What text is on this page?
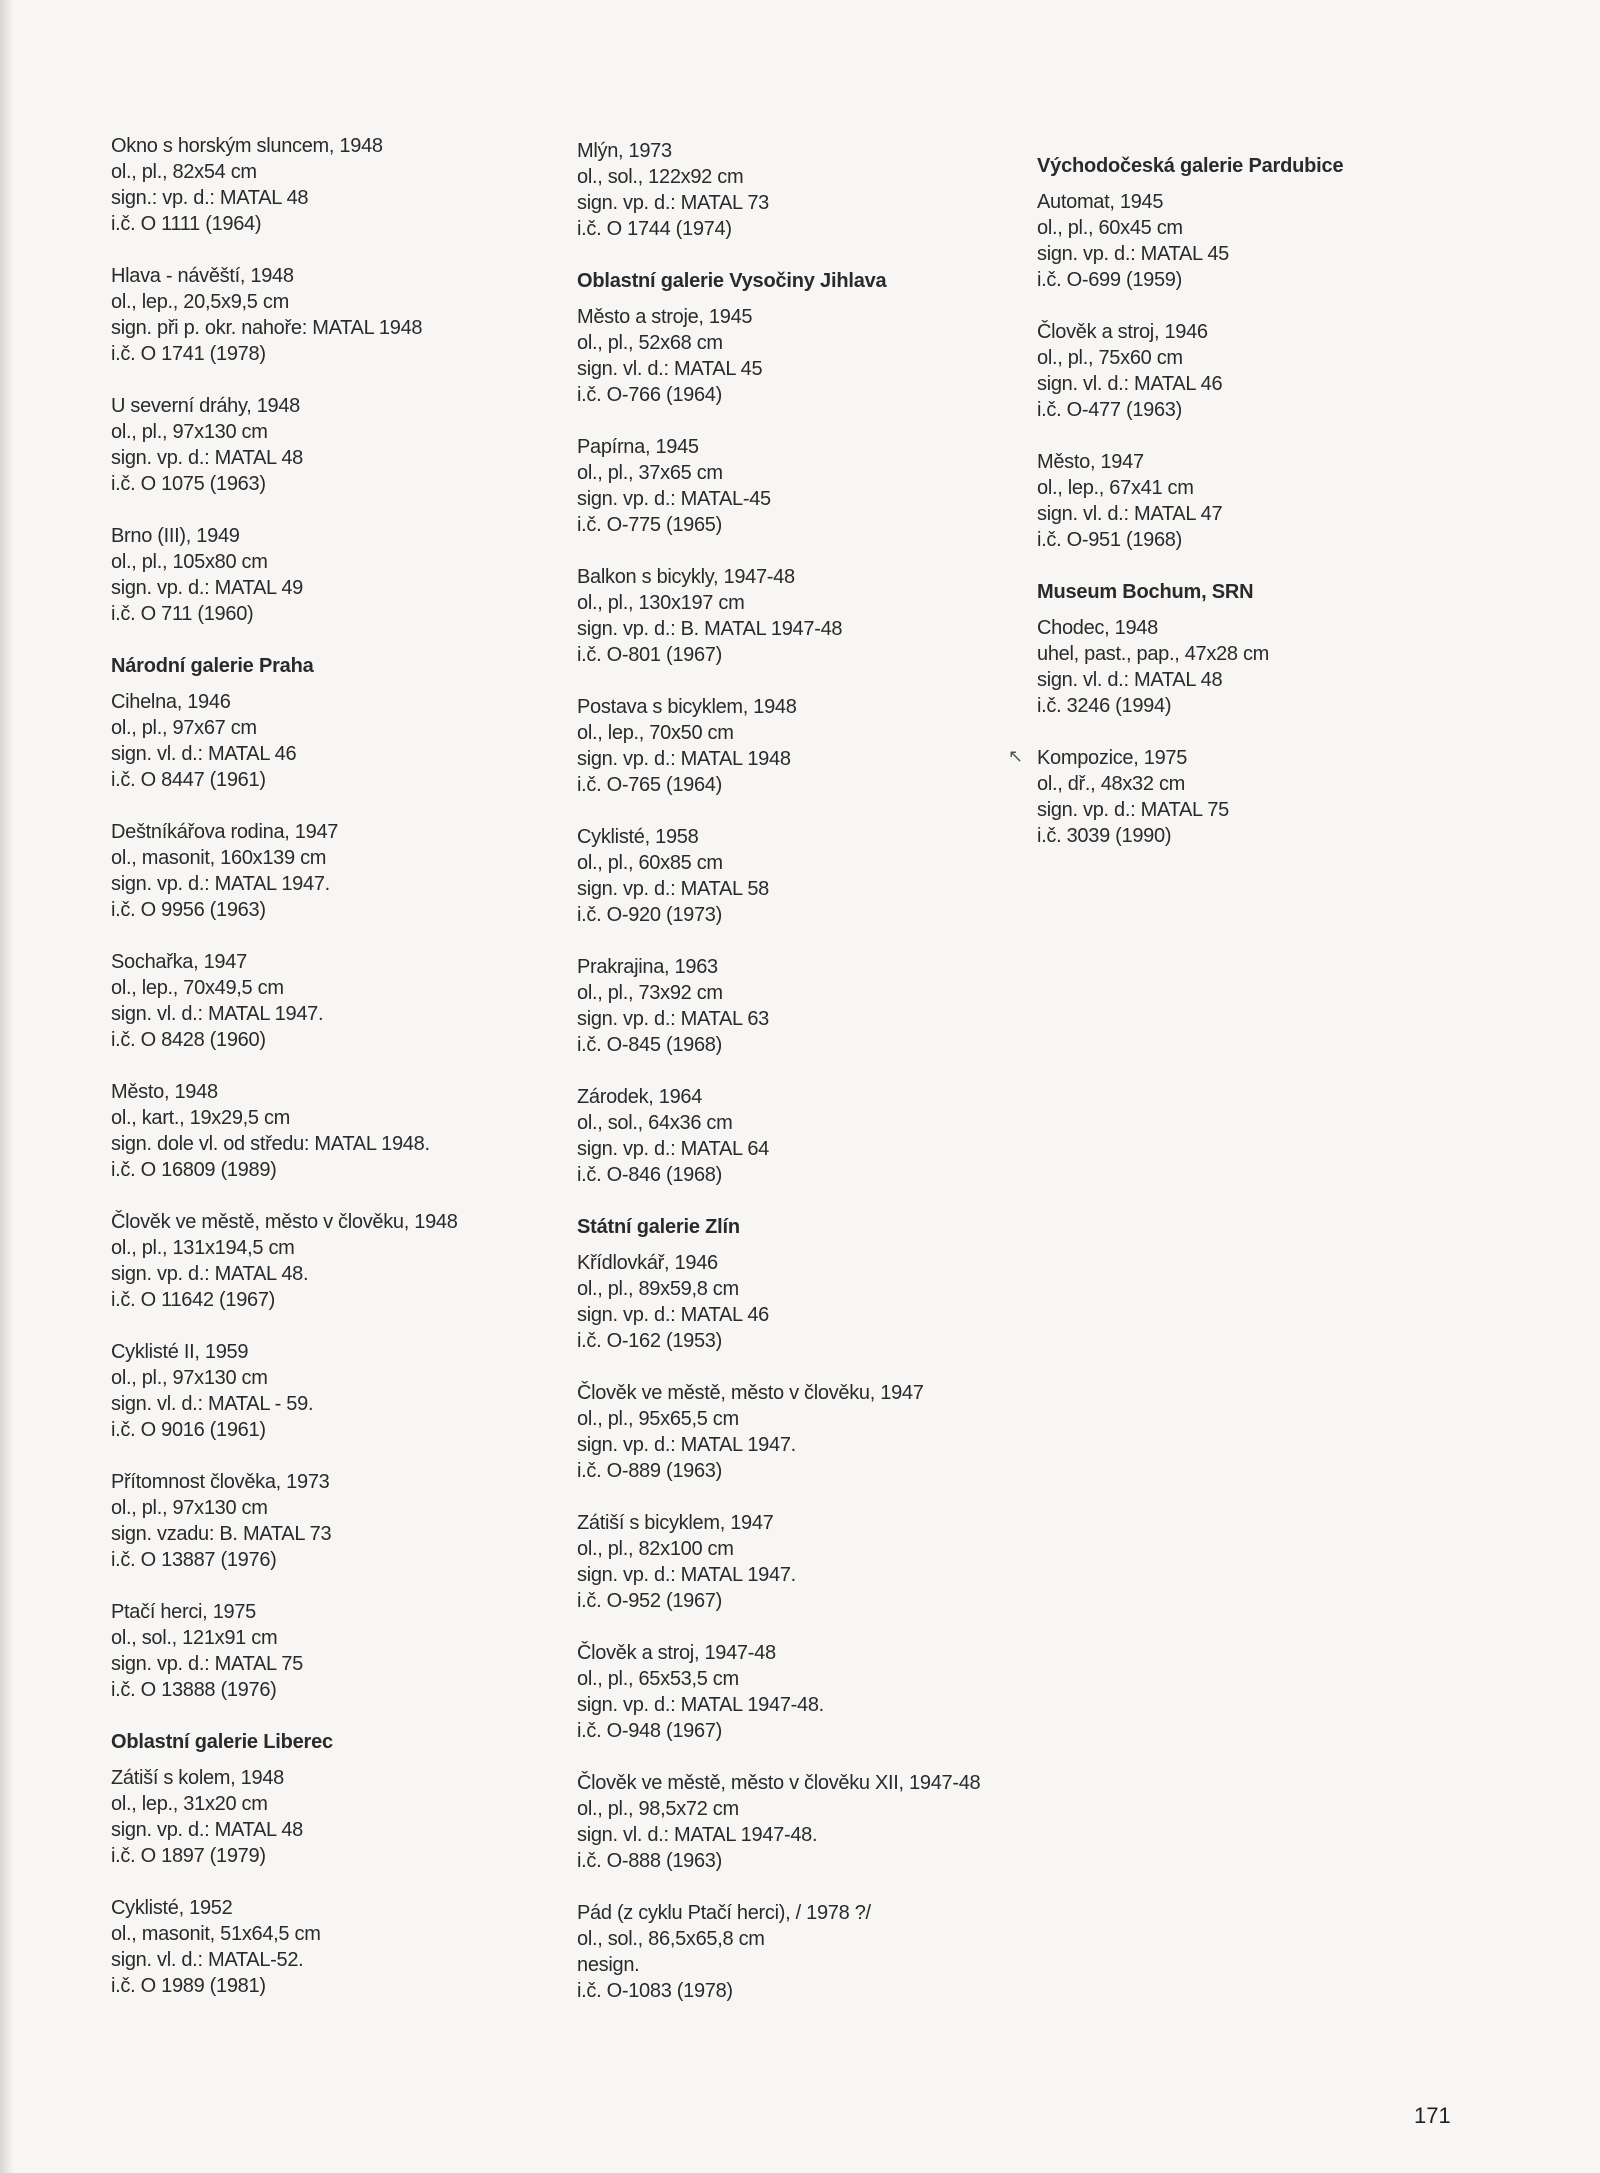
Okno s horským sluncem, 1948
ol., pl., 82x54 cm
sign.: vp. d.: MATAL 48
i.č. O 1111 (1964)
Hlava - návěští, 1948
ol., lep., 20,5x9,5 cm
sign. při p. okr. nahoře: MATAL 1948
i.č. O 1741 (1978)
U severní dráhy, 1948
ol., pl., 97x130 cm
sign. vp. d.: MATAL 48
i.č. O 1075 (1963)
Brno (III), 1949
ol., pl., 105x80 cm
sign. vp. d.: MATAL 49
i.č. O 711 (1960)
Národní galerie Praha
Cihelna, 1946
ol., pl., 97x67 cm
sign. vl. d.: MATAL 46
i.č. O 8447 (1961)
Deštníkářova rodina, 1947
ol., masonit, 160x139 cm
sign. vp. d.: MATAL 1947.
i.č. O 9956 (1963)
Sochařka, 1947
ol., lep., 70x49,5 cm
sign. vl. d.: MATAL 1947.
i.č. O 8428 (1960)
Město, 1948
ol., kart., 19x29,5 cm
sign. dole vl. od středu: MATAL 1948.
i.č. O 16809 (1989)
Člověk ve městě, město v člověku, 1948
ol., pl., 131x194,5 cm
sign. vp. d.: MATAL 48.
i.č. O 11642 (1967)
Cyklisté II, 1959
ol., pl., 97x130 cm
sign. vl. d.: MATAL - 59.
i.č. O 9016 (1961)
Přítomnost člověka, 1973
ol., pl., 97x130 cm
sign. vzadu: B. MATAL 73
i.č. O 13887 (1976)
Ptačí herci, 1975
ol., sol., 121x91 cm
sign. vp. d.: MATAL 75
i.č. O 13888 (1976)
Oblastní galerie Liberec
Zátiší s kolem, 1948
ol., lep., 31x20 cm
sign. vp. d.: MATAL 48
i.č. O 1897 (1979)
Cyklisté, 1952
ol., masonit, 51x64,5 cm
sign. vl. d.: MATAL-52.
i.č. O 1989 (1981)
Mlýn, 1973
ol., sol., 122x92 cm
sign. vp. d.: MATAL 73
i.č. O 1744 (1974)
Oblastní galerie Vysočiny Jihlava
Město a stroje, 1945
ol., pl., 52x68 cm
sign. vl. d.: MATAL 45
i.č. O-766 (1964)
Papírna, 1945
ol., pl., 37x65 cm
sign. vp. d.: MATAL-45
i.č. O-775 (1965)
Balkon s bicykly, 1947-48
ol., pl., 130x197 cm
sign. vp. d.: B. MATAL 1947-48
i.č. O-801 (1967)
Postava s bicyklem, 1948
ol., lep., 70x50 cm
sign. vp. d.: MATAL 1948
i.č. O-765 (1964)
Cyklisté, 1958
ol., pl., 60x85 cm
sign. vp. d.: MATAL 58
i.č. O-920 (1973)
Prakrajina, 1963
ol., pl., 73x92 cm
sign. vp. d.: MATAL 63
i.č. O-845 (1968)
Zárodek, 1964
ol., sol., 64x36 cm
sign. vp. d.: MATAL 64
i.č. O-846 (1968)
Státní galerie Zlín
Křídlovkář, 1946
ol., pl., 89x59,8 cm
sign. vp. d.: MATAL 46
i.č. O-162 (1953)
Člověk ve městě, město v člověku, 1947
ol., pl., 95x65,5 cm
sign. vp. d.: MATAL 1947.
i.č. O-889 (1963)
Zátiší s bicyklem, 1947
ol., pl., 82x100 cm
sign. vp. d.: MATAL 1947.
i.č. O-952 (1967)
Člověk a stroj, 1947-48
ol., pl., 65x53,5 cm
sign. vp. d.: MATAL 1947-48.
i.č. O-948 (1967)
Člověk ve městě, město v člověku XII, 1947-48
ol., pl., 98,5x72 cm
sign. vl. d.: MATAL 1947-48.
i.č. O-888 (1963)
Pád (z cyklu Ptačí herci), / 1978 ?/
ol., sol., 86,5x65,8 cm
nesign.
i.č. O-1083 (1978)
Východočeská galerie Pardubice
Automat, 1945
ol., pl., 60x45 cm
sign. vp. d.: MATAL 45
i.č. O-699 (1959)
Člověk a stroj, 1946
ol., pl., 75x60 cm
sign. vl. d.: MATAL 46
i.č. O-477 (1963)
Město, 1947
ol., lep., 67x41 cm
sign. vl. d.: MATAL 47
i.č. O-951 (1968)
Museum Bochum, SRN
Chodec, 1948
uhel, past., pap., 47x28 cm
sign. vl. d.: MATAL 48
i.č. 3246 (1994)
Kompozice, 1975
ol., dř., 48x32 cm
sign. vp. d.: MATAL 75
i.č. 3039 (1990)
↖
171
